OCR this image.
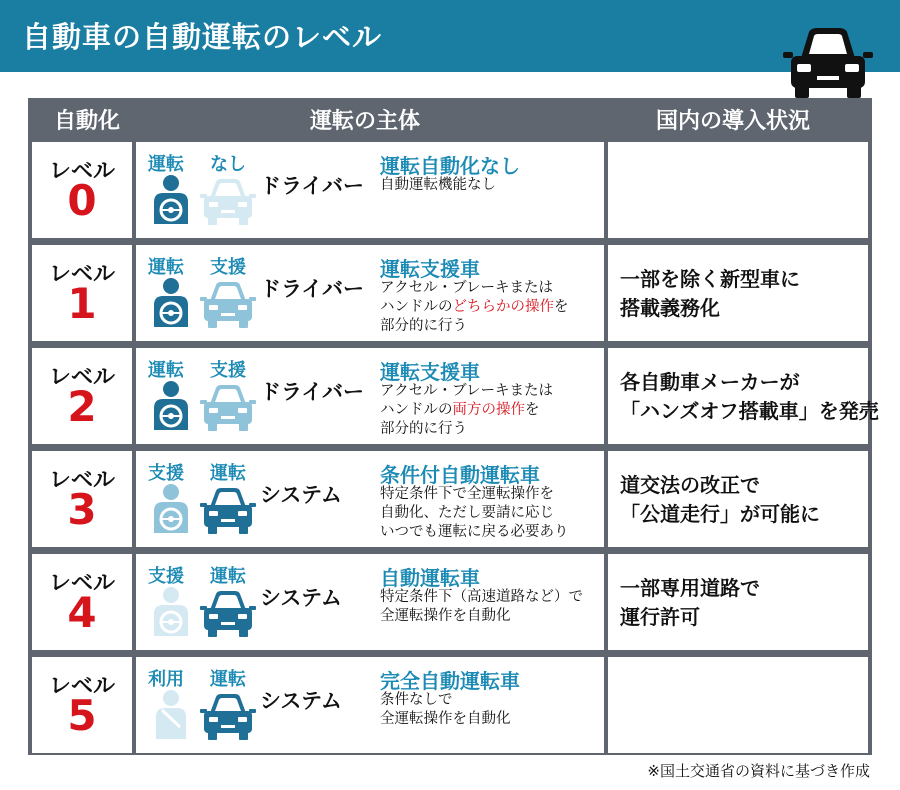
自動車の自動運転のレベル
自動化	運転の主体	国内の導入状況
レベル
0
運転 なし
ドライバー
運転自動化なし
自動運転機能なし
レベル
1
運転 支援
ドライバー
運転支援車
アクセル・ブレーキまたは
ハンドルのどちらかの操作を
部分的に行う
一部を除く新型車に
搭載義務化
レベル
2
運転 支援
ドライバー
運転支援車
アクセル・ブレーキまたは
ハンドルの両方の操作を
部分的に行う
各自動車メーカーが
「ハンズオフ搭載車」を発売
レベル
3
支援 運転
システム
条件付自動運転車
特定条件下で全運転操作を
自動化、ただし要請に応じ
いつでも運転に戻る必要あり
道交法の改正で
「公道走行」が可能に
レベル
4
支援 運転
システム
自動運転車
特定条件下（高速道路など）で
全運転操作を自動化
一部専用道路で
運行許可
レベル
5
利用 運転
システム
完全自動運転車
条件なしで
全運転操作を自動化
※国土交通省の資料に基づき作成
